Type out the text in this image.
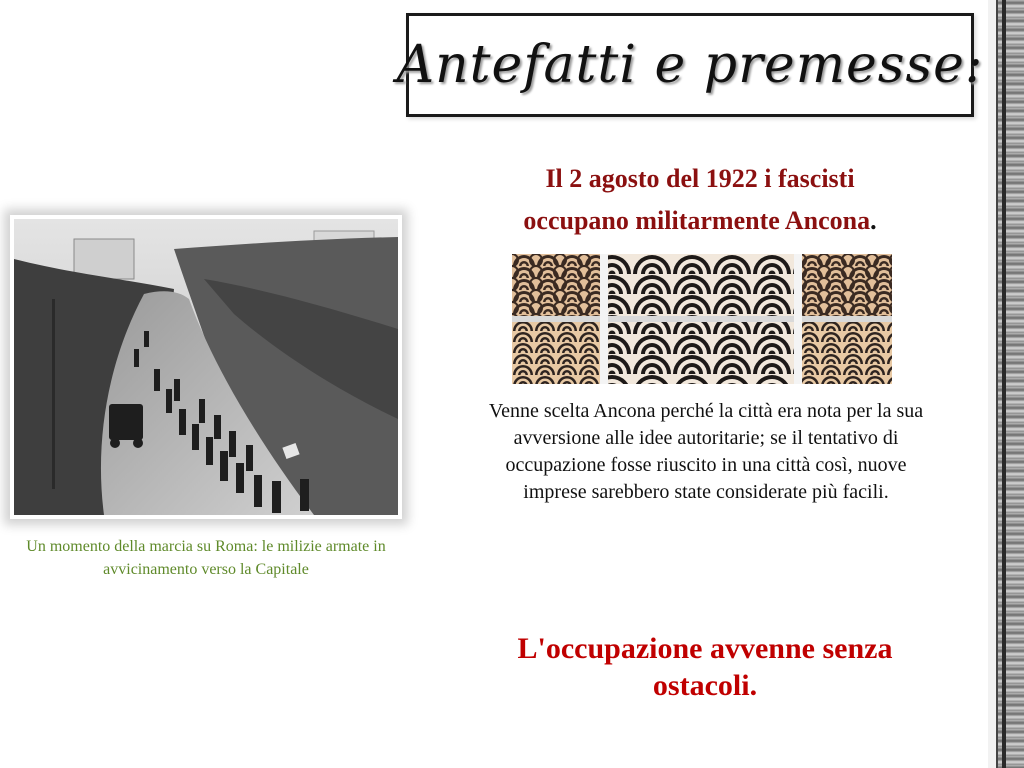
Antefatti e premesse:
Il 2 agosto del 1922 i fascisti
occupano militarmente Ancona.
Un momento della marcia su Roma: le milizie armate in avvicinamento verso la Capitale
Venne scelta Ancona perché la città era nota per la sua avversione alle idee autoritarie; se il tentativo di occupazione fosse riuscito in una città così, nuove imprese sarebbero state considerate più facili.
L'occupazione avvenne senza ostacoli.
